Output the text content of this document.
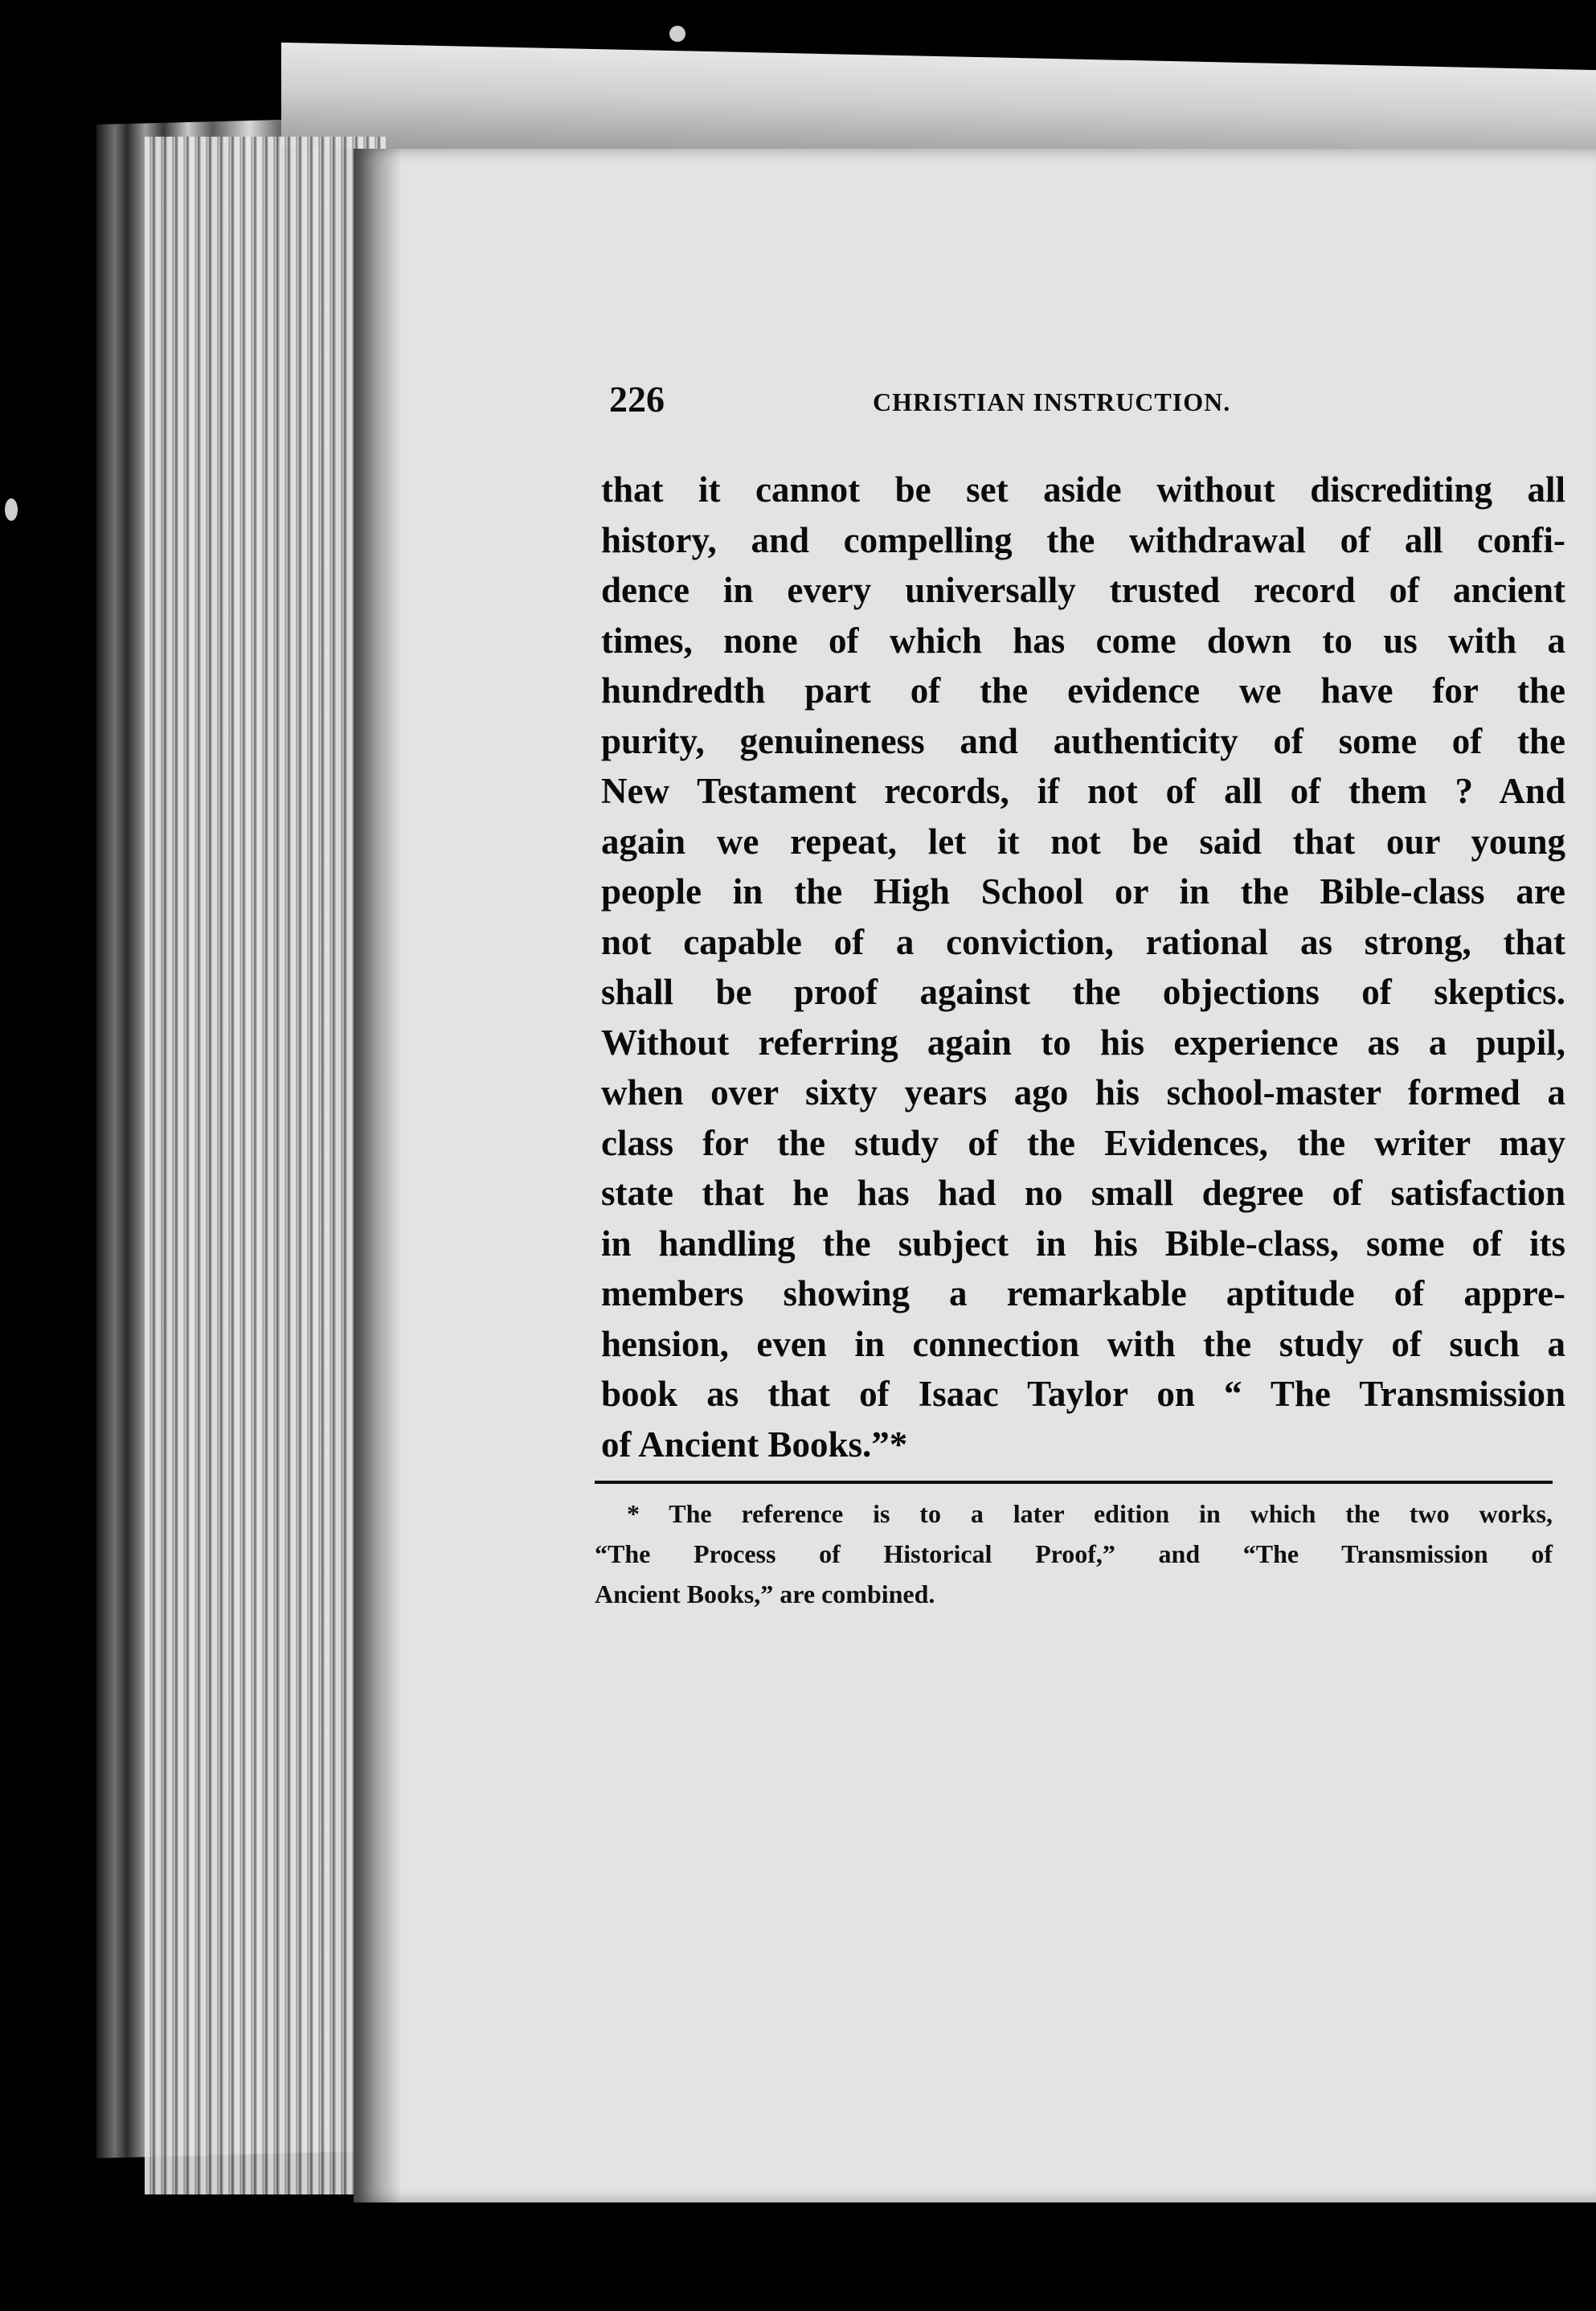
226	CHRISTIAN INSTRUCTION.
that it cannot be set aside without discrediting all
history, and compelling the withdrawal of all confi-
dence in every universally trusted record of ancient
times, none of which has come down to us with a
hundredth part of the evidence we have for the
purity, genuineness and authenticity of some of the
New Testament records, if not of all of them ? And
again we repeat, let it not be said that our young
people in the High School or in the Bible-class are
not capable of a conviction, rational as strong, that
shall be proof against the objections of skeptics.
Without referring again to his experience as a pupil,
when over sixty years ago his school-master formed a
class for the study of the Evidences, the writer may
state that he has had no small degree of satisfaction
in handling the subject in his Bible-class, some of its
members showing a remarkable aptitude of appre-
hension, even in connection with the study of such a
book as that of Isaac Taylor on “ The Transmission
of Ancient Books.”*
* The reference is to a later edition in which the two works,
“The Process of Historical Proof,” and “The Transmission of
Ancient Books,” are combined.
